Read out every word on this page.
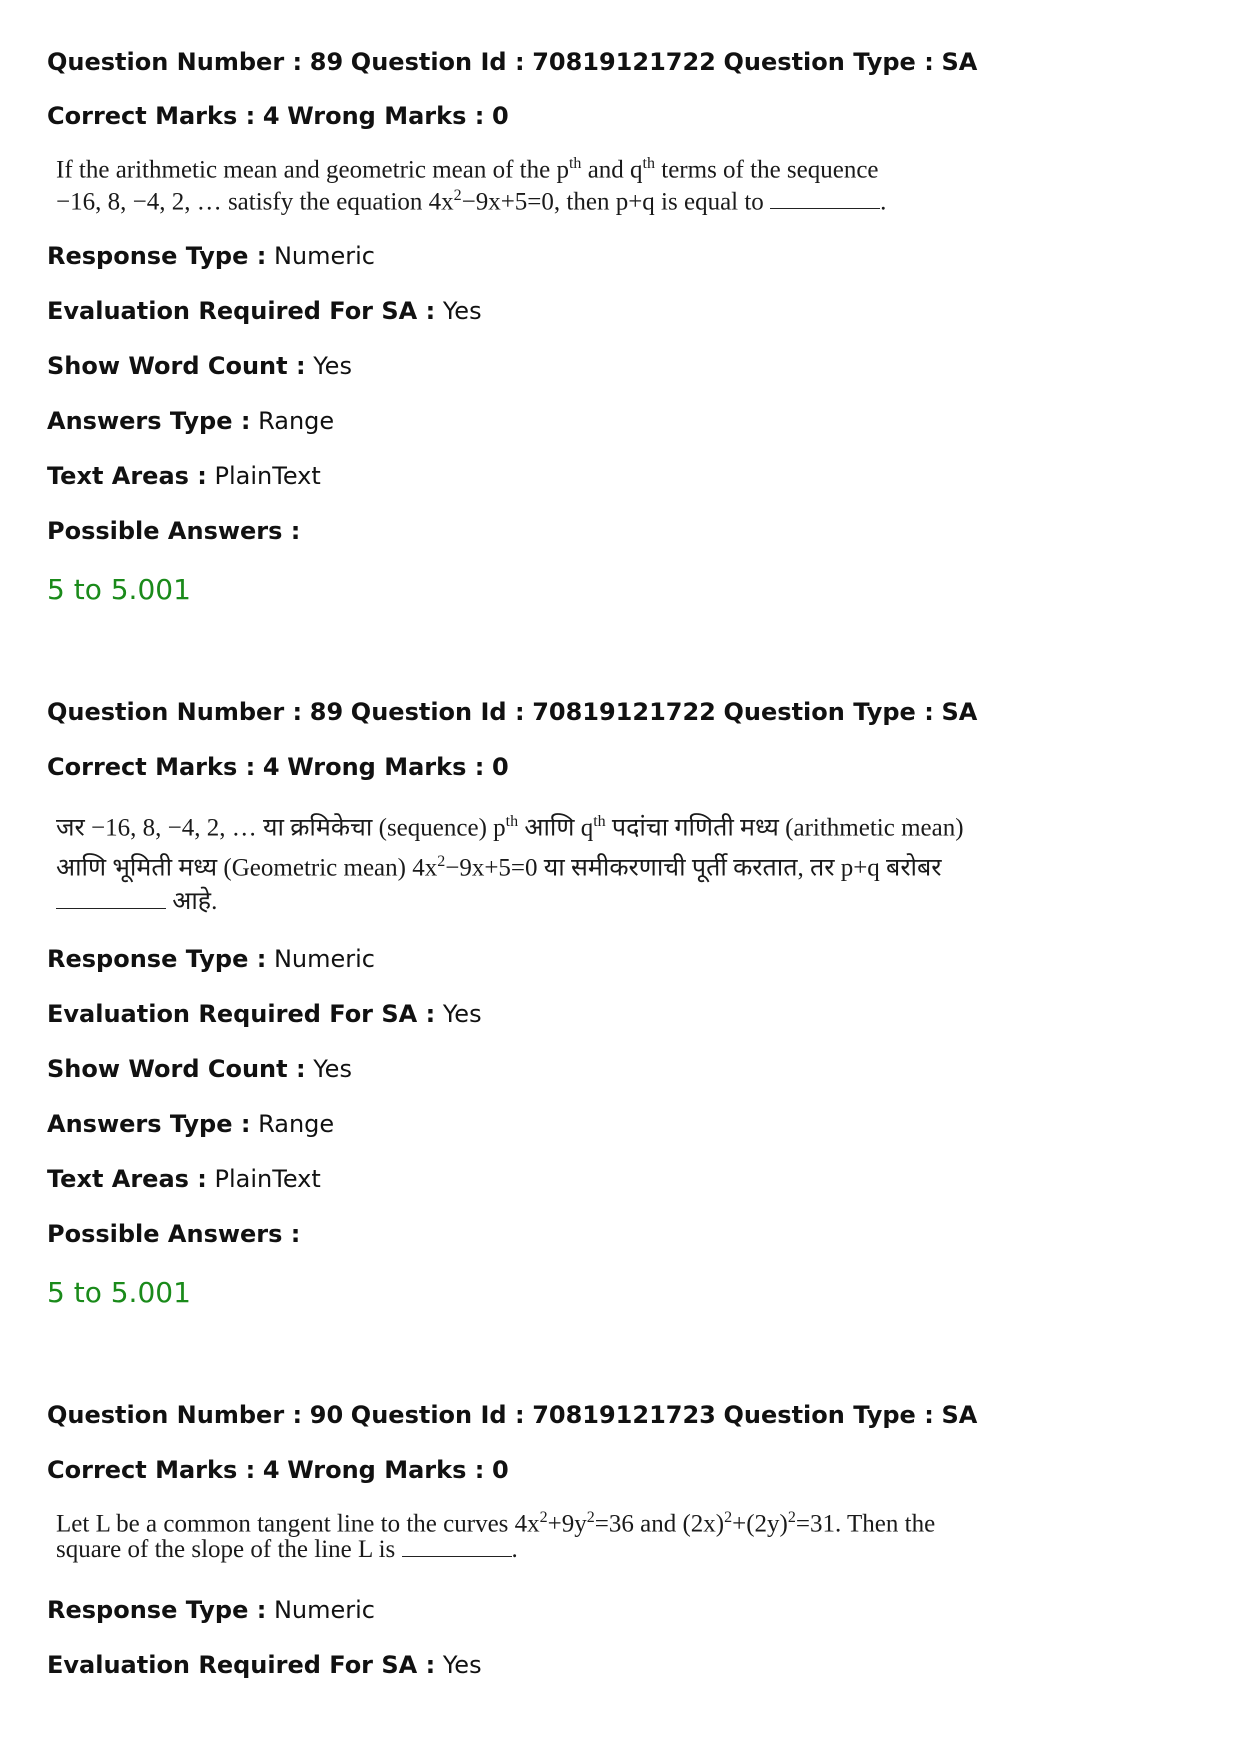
Question Number : 89 Question Id : 70819121722 Question Type : SA
Correct Marks : 4 Wrong Marks : 0
If the arithmetic mean and geometric mean of the $p^{th}$ and $q^{th}$ terms of the sequence
−16, 8, −4, 2, … satisfy the equation $4x^2-9x+5=0$, then p+q is equal to	.
Response Type : Numeric
Evaluation Required For SA : Yes
Show Word Count : Yes
Answers Type : Range
Text Areas : PlainText
Possible Answers :
5 to 5.001
Question Number : 89 Question Id : 70819121722 Question Type : SA
Correct Marks : 4 Wrong Marks : 0
जर −16, 8, −4, 2, … या क्रमिकेचा (sequence) $p^{th}$ आणि $q^{th}$ पदांचा गणिती मध्य (arithmetic mean)
आणि भूमिती मध्य (Geometric mean) $4x^2-9x+5=0$ या समीकरणाची पूर्ती करतात, तर p+q बरोबर
आहे.
Response Type : Numeric
Evaluation Required For SA : Yes
Show Word Count : Yes
Answers Type : Range
Text Areas : PlainText
Possible Answers :
5 to 5.001
Question Number : 90 Question Id : 70819121723 Question Type : SA
Correct Marks : 4 Wrong Marks : 0
Let L be a common tangent line to the curves $4x^2+9y^2=36$ and $(2x)^2+(2y)^2=31$. Then the
square of the slope of the line L is	.
Response Type : Numeric
Evaluation Required For SA : Yes
